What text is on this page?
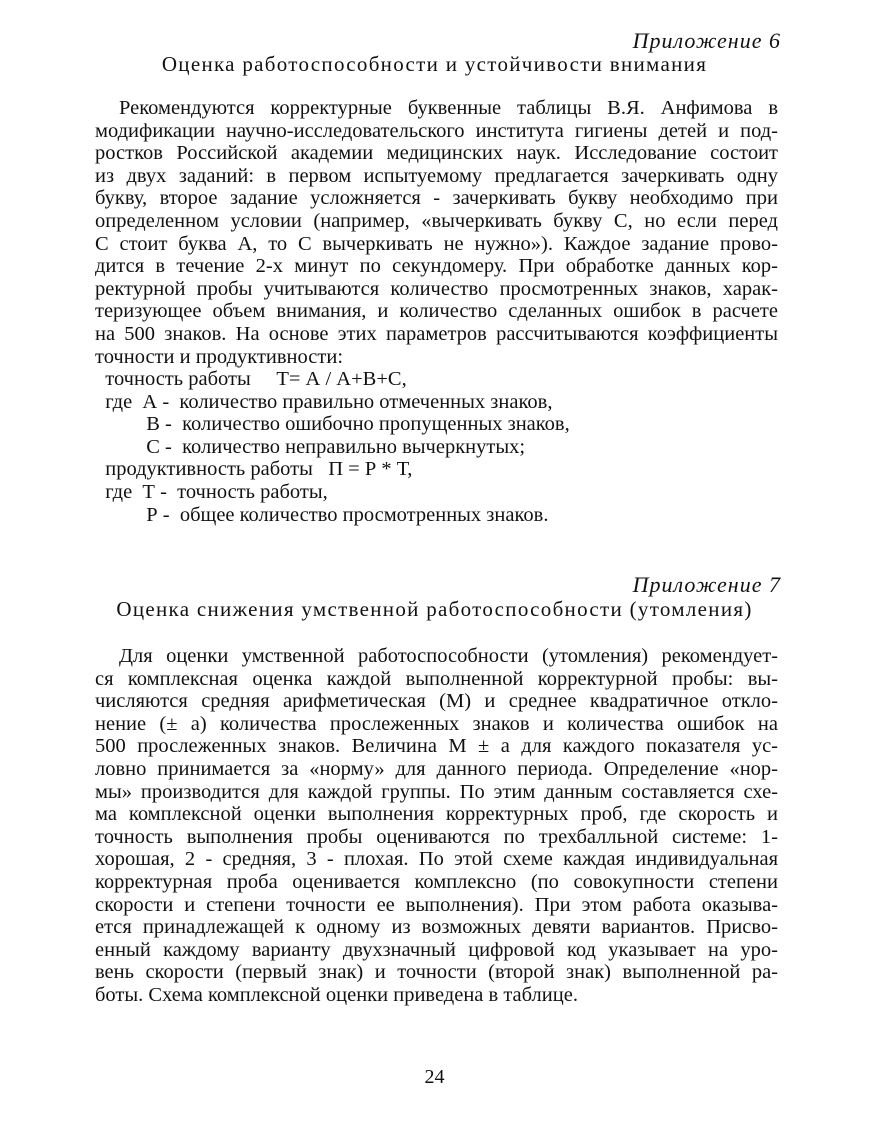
Приложение 6
Оценка работоспособности и устойчивости внимания
Рекомендуются корректурные буквенные таблицы В.Я. Анфимова в
модификации научно-исследовательского института гигиены детей и под-
ростков Российской академии медицинских наук. Исследование состоит
из двух заданий: в первом испытуемому предлагается зачеркивать одну
букву, второе задание усложняется - зачеркивать букву необходимо при
определенном условии (например, «вычеркивать букву С, но если перед
С стоит буква А, то С вычеркивать не нужно»). Каждое задание прово-
дится в течение 2-х минут по секундомеру. При обработке данных кор-
ректурной пробы учитываются количество просмотренных знаков, харак-
теризующее объем внимания, и количество сделанных ошибок в расчете
на 500 знаков. На основе этих параметров рассчитываются коэффициенты
точности и продуктивности:
точность работы     Т= А / А+В+С,
где  А -  количество правильно отмеченных знаков,
В -  количество ошибочно пропущенных знаков,
С -  количество неправильно вычеркнутых;
продуктивность работы   П = Р * Т,
где  Т -  точность работы,
Р -  общее количество просмотренных знаков.
Приложение 7
Оценка снижения умственной работоспособности (утомления)
Для оценки умственной работоспособности (утомления) рекомендует-
ся комплексная оценка каждой выполненной корректурной пробы: вы-
числяются средняя арифметическая (М) и среднее квадратичное откло-
нение (± а) количества прослеженных знаков и количества ошибок на
500 прослеженных знаков. Величина М ± а для каждого показателя ус-
ловно принимается за «норму» для данного периода. Определение «нор-
мы» производится для каждой группы. По этим данным составляется схе-
ма комплексной оценки выполнения корректурных проб, где скорость и
точность выполнения пробы оцениваются по трехбалльной системе: 1-
хорошая, 2 - средняя, 3 - плохая. По этой схеме каждая индивидуальная
корректурная проба оценивается комплексно (по совокупности степени
скорости и степени точности ее выполнения). При этом работа оказыва-
ется принадлежащей к одному из возможных девяти вариантов. Присво-
енный каждому варианту двухзначный цифровой код указывает на уро-
вень скорости (первый знак) и точности (второй знак) выполненной ра-
боты. Схема комплексной оценки приведена в таблице.
24
